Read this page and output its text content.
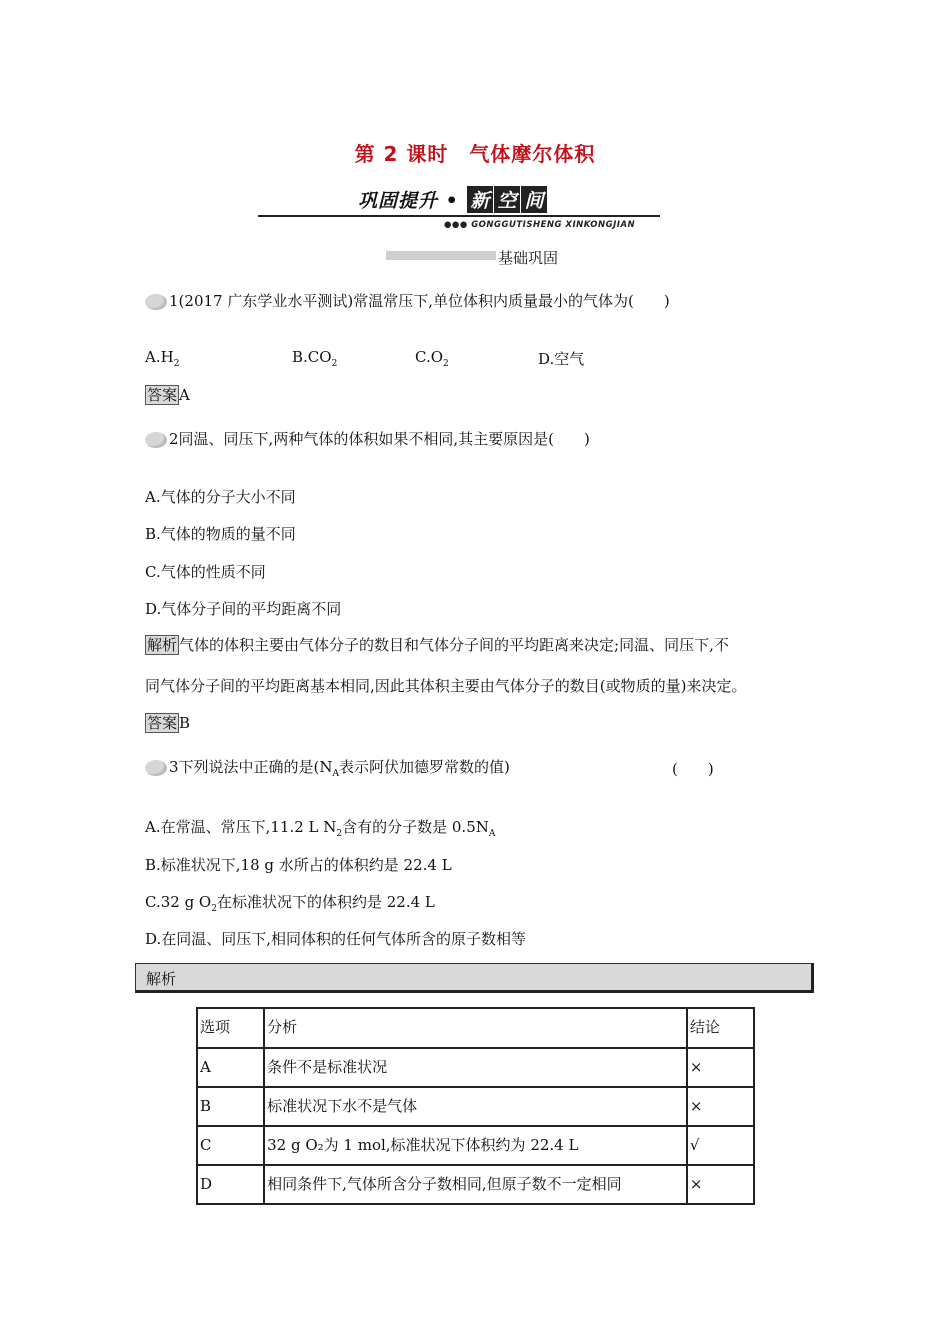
第 2 课时　气体摩尔体积
巩固提升 • 新 空 间
●●● GONGGUTISHENG XINKONGJIAN
基础巩固
1(2017 广东学业水平测试)常温常压下,单位体积内质量最小的气体为(　　)
$A.H_2$	$B.CO_2$	$C.O_2$	D.空气
答案 A
2同温、同压下,两种气体的体积如果不相同,其主要原因是(　　)
A.气体的分子大小不同
B.气体的物质的量不同
C.气体的性质不同
D.气体分子间的平均距离不同
解析 气体的体积主要由气体分子的数目和气体分子间的平均距离来决定;同温、同压下,不
同气体分子间的平均距离基本相同,因此其体积主要由气体分子的数目(或物质的量)来决定。
答案 B
3下列说法中正确的是($N_A$表示阿伏加德罗常数的值)	(　　)
A.在常温、常压下,11.2 L $N_2$含有的分子数是 $0.5N_A$
B.标准状况下,18 g 水所占的体积约是 22.4 L
C.32 g $O_2$在标准状况下的体积约是 22.4 L
D.在同温、同压下,相同体积的任何气体所含的原子数相等
解析
选项	分析	结论
A	条件不是标准状况	×
B	标准状况下水不是气体	×
C	32 g O₂为 1 mol,标准状况下体积约为 22.4 L	√
D	相同条件下,气体所含分子数相同,但原子数不一定相同	×
